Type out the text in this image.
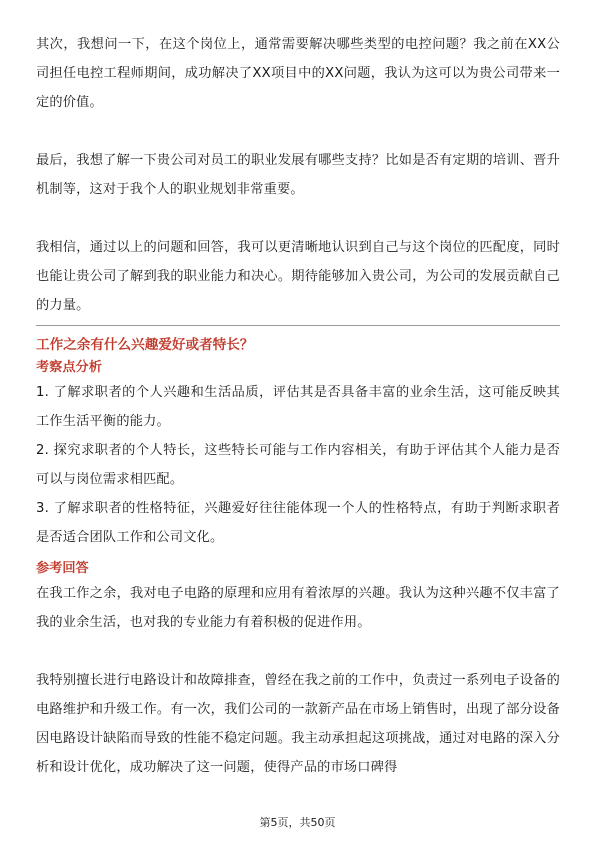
其次，我想问一下，在这个岗位上，通常需要解决哪些类型的电控问题？我之前在XX公司担任电控工程师期间，成功解决了XX项目中的XX问题，我认为这可以为贵公司带来一定的价值。

最后，我想了解一下贵公司对员工的职业发展有哪些支持？比如是否有定期的培训、晋升机制等，这对于我个人的职业规划非常重要。

我相信，通过以上的问题和回答，我可以更清晰地认识到自己与这个岗位的匹配度，同时也能让贵公司了解到我的职业能力和决心。期待能够加入贵公司，为公司的发展贡献自己的力量。

工作之余有什么兴趣爱好或者特长？
考察点分析
1. 了解求职者的个人兴趣和生活品质，评估其是否具备丰富的业余生活，这可能反映其工作生活平衡的能力。
2. 探究求职者的个人特长，这些特长可能与工作内容相关，有助于评估其个人能力是否可以与岗位需求相匹配。
3. 了解求职者的性格特征，兴趣爱好往往能体现一个人的性格特点，有助于判断求职者是否适合团队工作和公司文化。
参考回答

在我工作之余，我对电子电路的原理和应用有着浓厚的兴趣。我认为这种兴趣不仅丰富了我的业余生活，也对我的专业能力有着积极的促进作用。

我特别擅长进行电路设计和故障排查，曾经在我之前的工作中，负责过一系列电子设备的电路维护和升级工作。有一次，我们公司的一款新产品在市场上销售时，出现了部分设备因电路设计缺陷而导致的性能不稳定问题。我主动承担起这项挑战，通过对电路的深入分析和设计优化，成功解决了这一问题，使得产品的市场口碑得

第5页，共50页
